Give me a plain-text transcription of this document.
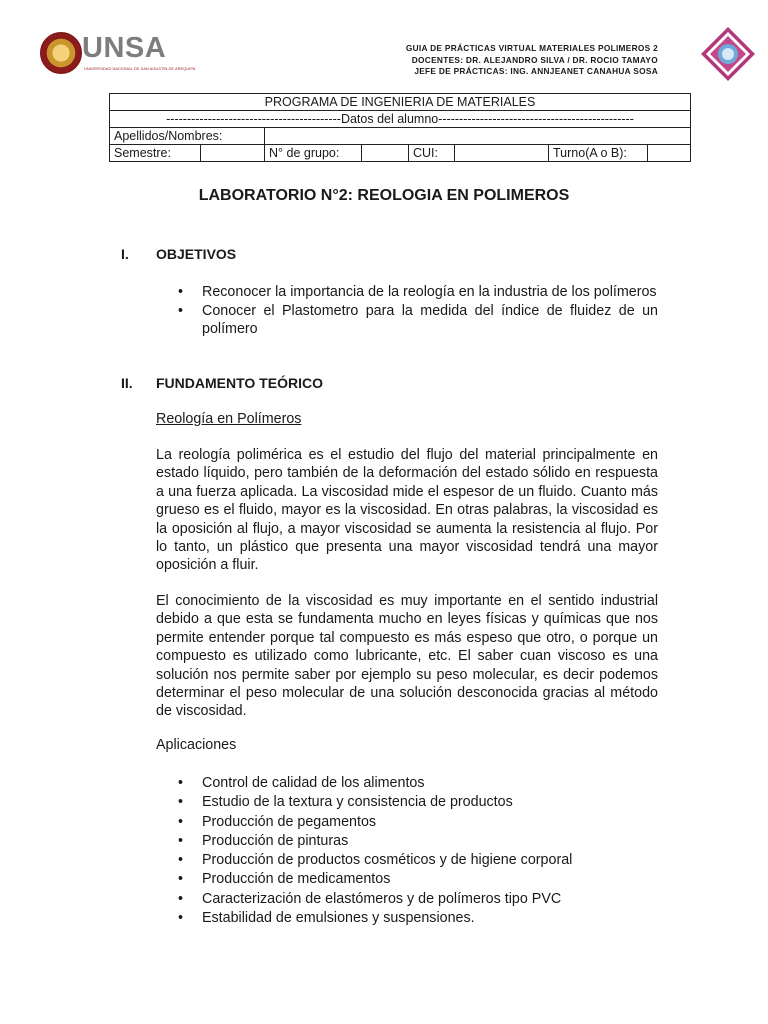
UNSA
UNIVERSIDAD NACIONAL DE SAN AGUSTÍN DE AREQUIPA
GUIA DE PRÁCTICAS VIRTUAL MATERIALES POLIMEROS 2
DOCENTES: DR. ALEJANDRO SILVA / DR. ROCIO TAMAYO
JEFE DE PRÁCTICAS: ING. ANNJEANET CANAHUA SOSA
PROGRAMA DE INGENIERIA DE MATERIALES							
------------------------------------------Datos del alumno-----------------------------------------------							
Apellidos/Nombres:							
Semestre:		N° de grupo:		CUI:		Turno(A o B):	
LABORATORIO N°2: REOLOGIA EN POLIMEROS
I. OBJETIVOS
• Reconocer la importancia de la reología en la industria de los polímeros
• Conocer el Plastometro para la medida del índice de fluidez de un polímero
II. FUNDAMENTO TEÓRICO
Reología en Polímeros

La reología polimérica es el estudio del flujo del material principalmente en estado líquido, pero también de la deformación del estado sólido en respuesta a una fuerza aplicada. La viscosidad mide el espesor de un fluido. Cuanto más grueso es el fluido, mayor es la viscosidad. En otras palabras, la viscosidad es la oposición al flujo, a mayor viscosidad se aumenta la resistencia al flujo. Por lo tanto, un plástico que presenta una mayor viscosidad tendrá una mayor oposición a fluir.

El conocimiento de la viscosidad es muy importante en el sentido industrial debido a que esta se fundamenta mucho en leyes físicas y químicas que nos permite entender porque tal compuesto es más espeso que otro, o porque un compuesto es utilizado como lubricante, etc. El saber cuan viscoso es una solución nos permite saber por ejemplo su peso molecular, es decir podemos determinar el peso molecular de una solución desconocida gracias al método de viscosidad.

Aplicaciones
• Control de calidad de los alimentos
• Estudio de la textura y consistencia de productos
• Producción de pegamentos
• Producción de pinturas
• Producción de productos cosméticos y de higiene corporal
• Producción de medicamentos
• Caracterización de elastómeros y de polímeros tipo PVC
• Estabilidad de emulsiones y suspensiones.
